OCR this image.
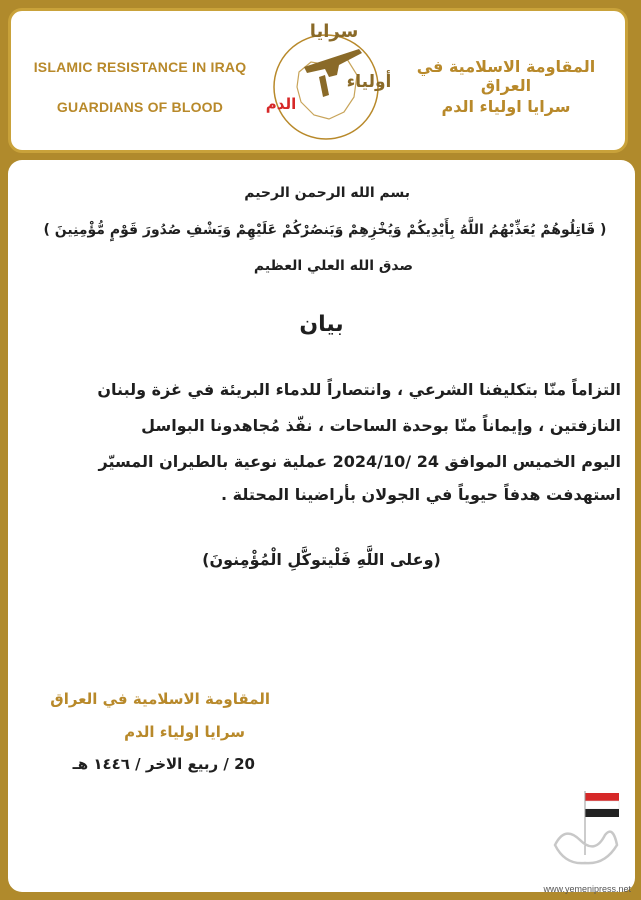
ISLAMIC RESISTANCE IN IRAQ
GUARDIANS OF BLOOD
سرايا
أولياء
الدم
المقاومة الاسلامية في العراق
سرايا اولياء الدم
بسم الله الرحمن الرحيم
( قَاتِلُوهُمْ يُعَذِّبْهُمُ اللَّهُ بِأَيْدِيكُمْ وَيُخْزِهِمْ وَيَنصُرْكُمْ عَلَيْهِمْ وَيَشْفِ صُدُورَ قَوْمٍ مُّؤْمِنِينَ )
صدق الله العلي العظيم
بيان
التزاماً منّا بتكليفنا الشرعي ، وانتصاراً للدماء البريئة في غزة ولبنان
النازفتين ، وإيماناً منّا بوحدة الساحات ، نفّذ مُجاهدونا البواسل
اليوم الخميس الموافق 24 /2024/10 عملية نوعية بالطيران المسيّر
استهدفت هدفاً حيوياً في الجولان بأراضينا المحتلة .
(وعلى اللَّهِ فَلْيتوكَّلِ الْمُؤْمِنونَ)
المقاومة الاسلامية في العراق
سرايا اولياء الدم
20 / ربيع الاخر / ١٤٤٦ هـ
www.yemenipress.net
